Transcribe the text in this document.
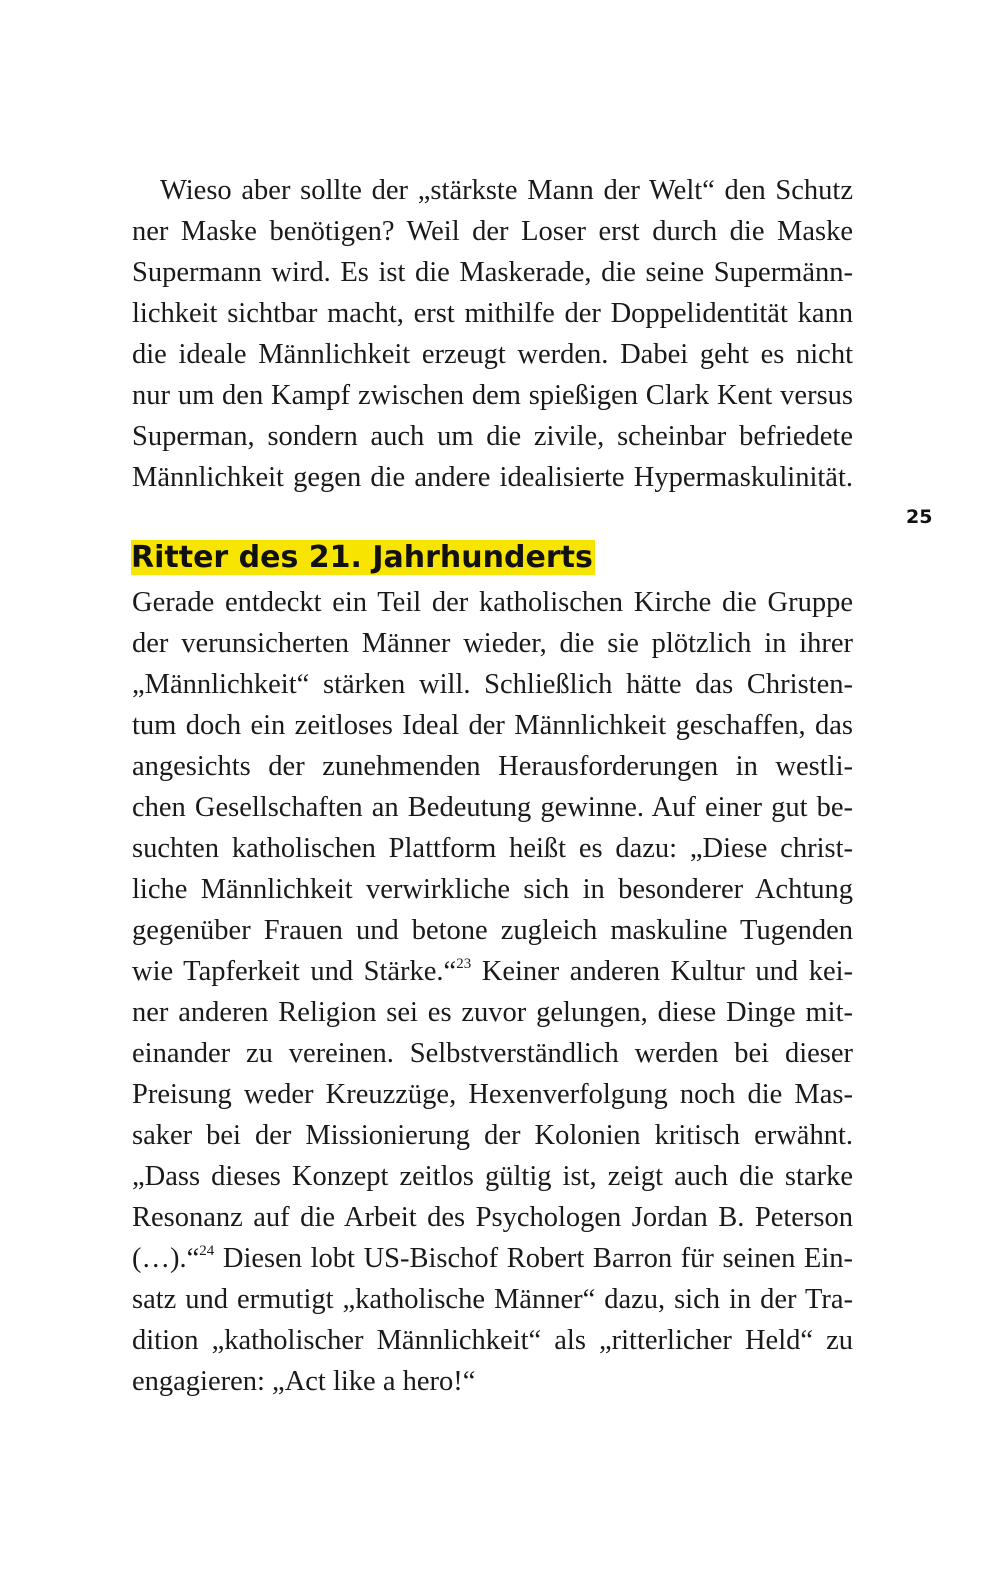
Wieso aber sollte der „stärkste Mann der Welt“ den Schutz
ner Maske benötigen? Weil der Loser erst durch die Maske
Supermann wird. Es ist die Maskerade, die seine Supermänn-
lichkeit sichtbar macht, erst mithilfe der Doppelidentität kann
die ideale Männlichkeit erzeugt werden. Dabei geht es nicht
nur um den Kampf zwischen dem spießigen Clark Kent versus
Superman, sondern auch um die zivile, scheinbar befriedete
Männlichkeit gegen die andere idealisierte Hypermaskulinität.
25
Ritter des 21. Jahrhunderts
Gerade entdeckt ein Teil der katholischen Kirche die Gruppe
der verunsicherten Männer wieder, die sie plötzlich in ihrer
„Männlichkeit“ stärken will. Schließlich hätte das Christen-
tum doch ein zeitloses Ideal der Männlichkeit geschaffen, das
angesichts der zunehmenden Herausforderungen in westli-
chen Gesellschaften an Bedeutung gewinne. Auf einer gut be-
suchten katholischen Plattform heißt es dazu: „Diese christ-
liche Männlichkeit verwirkliche sich in besonderer Achtung
gegenüber Frauen und betone zugleich maskuline Tugenden
wie Tapferkeit und Stärke.“$^{23}$ Keiner anderen Kultur und kei-
ner anderen Religion sei es zuvor gelungen, diese Dinge mit-
einander zu vereinen. Selbstverständlich werden bei dieser
Preisung weder Kreuzzüge, Hexenverfolgung noch die Mas-
saker bei der Missionierung der Kolonien kritisch erwähnt.
„Dass dieses Konzept zeitlos gültig ist, zeigt auch die starke
Resonanz auf die Arbeit des Psychologen Jordan B. Peterson
(…).“$^{24}$ Diesen lobt US-Bischof Robert Barron für seinen Ein-
satz und ermutigt „katholische Männer“ dazu, sich in der Tra-
dition „katholischer Männlichkeit“ als „ritterlicher Held“ zu
engagieren: „Act like a hero!“
